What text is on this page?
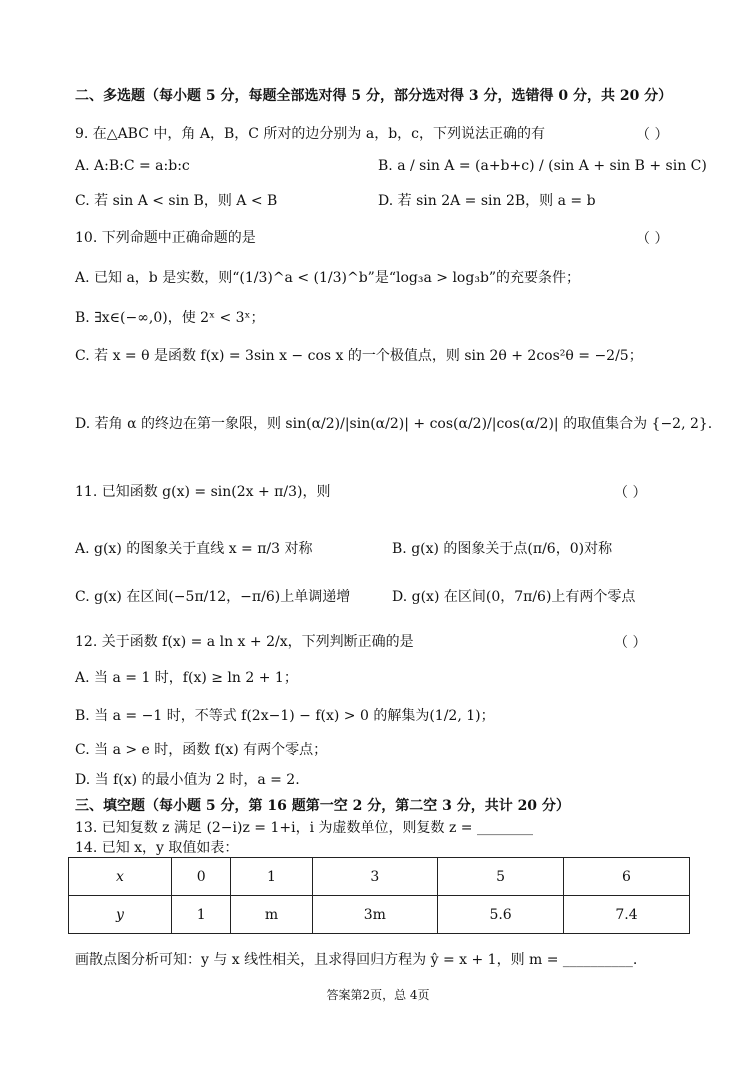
二、多选题（每小题 5 分，每题全部选对得 5 分，部分选对得 3 分，选错得 0 分，共 20 分）
9. 在△ABC 中，角 A，B，C 所对的边分别为 a，b，c，下列说法正确的有	（ ）
A. A:B:C = a:b:c	B. a / sin A = (a+b+c) / (sin A + sin B + sin C)
C. 若 sin A < sin B，则 A < B	D. 若 sin 2A = sin 2B，则 a = b
10. 下列命题中正确命题的是	（ ）
A. 已知 a，b 是实数，则“(1/3)^a < (1/3)^b”是“log₃a > log₃b”的充要条件；
B. ∃x∈(−∞,0)，使 2ˣ < 3ˣ；
C. 若 x = θ 是函数 f(x) = 3sin x − cos x 的一个极值点，则 sin 2θ + 2cos²θ = −2/5；
D. 若角 α 的终边在第一象限，则 sin(α/2)/|sin(α/2)| + cos(α/2)/|cos(α/2)| 的取值集合为 {−2, 2}.
11. 已知函数 g(x) = sin(2x + π/3)，则	（ ）
A. g(x) 的图象关于直线 x = π/3 对称	B. g(x) 的图象关于点(π/6，0)对称
C. g(x) 在区间(−5π/12，−π/6)上单调递增	D. g(x) 在区间(0，7π/6)上有两个零点
12. 关于函数 f(x) = a ln x + 2/x，下列判断正确的是	（ ）
A. 当 a = 1 时，f(x) ≥ ln 2 + 1；
B. 当 a = −1 时，不等式 f(2x−1) − f(x) > 0 的解集为(1/2, 1)；
C. 当 a > e 时，函数 f(x) 有两个零点；
D. 当 f(x) 的最小值为 2 时，a = 2.
三、填空题（每小题 5 分，第 16 题第一空 2 分，第二空 3 分，共计 20 分）
13. 已知复数 z 满足 (2−i)z = 1+i，i 为虚数单位，则复数 z = ________
14. 已知 x，y 取值如表：
x	0	1	3	5	6
y	1	m	3m	5.6	7.4
画散点图分析可知：y 与 x 线性相关，且求得回归方程为 ŷ = x + 1，则 m = __________.
答案第2页，总 4页
